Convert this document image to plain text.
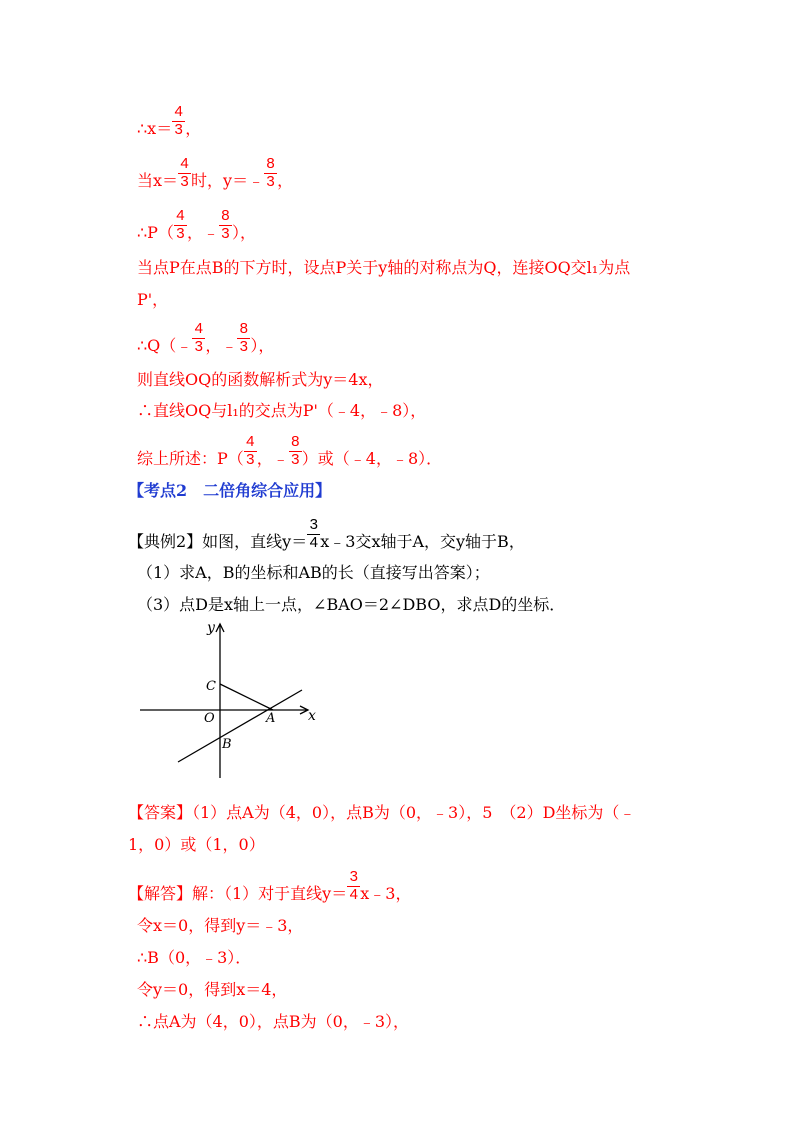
∴x＝ $\frac{4}{3}$ ，
当$x= \frac{4}{3}$ 时，y＝﹣ $\frac{8}{3}$ ，
∴P（ $\frac{4}{3}$ ，﹣ $\frac{8}{3}$ ），
当点P在点B的下方时，设点P关于y轴的对称点为Q，连接OQ交l₁为点
P'，
∴Q（﹣ $\frac{4}{3}$ ，﹣ $\frac{8}{3}$ ），
则直线OQ的函数解析式为y＝4x，
∴直线OQ与l₁的交点为P'（﹣4，﹣8），
综上所述：$P( \frac{4}{3}$ ，﹣ $\frac{8}{3}$ ）或（﹣4，﹣8）．
【考点2　二倍角综合应用】
【典例2】如图，直线$y= \frac{3}{4}$ x﹣3交x轴于A，交y轴于B，
（1）求A，B的坐标和AB的长（直接写出答案）；
（3）点D是x轴上一点，∠BAO＝2∠DBO，求点D的坐标．
y
x
C
O	A
B
【答案】（1）点A为（4，0），点B为（0，﹣3），5　（2）D坐标为（﹣
1，0）或（1，0）
【解答】解：（1）对于直线$y= \frac{3}{4}$ x﹣3，
令x＝0，得到y＝﹣3，
∴B（0，﹣3）．
令y＝0，得到x＝4，
∴点A为（4，0），点B为（0，﹣3），
